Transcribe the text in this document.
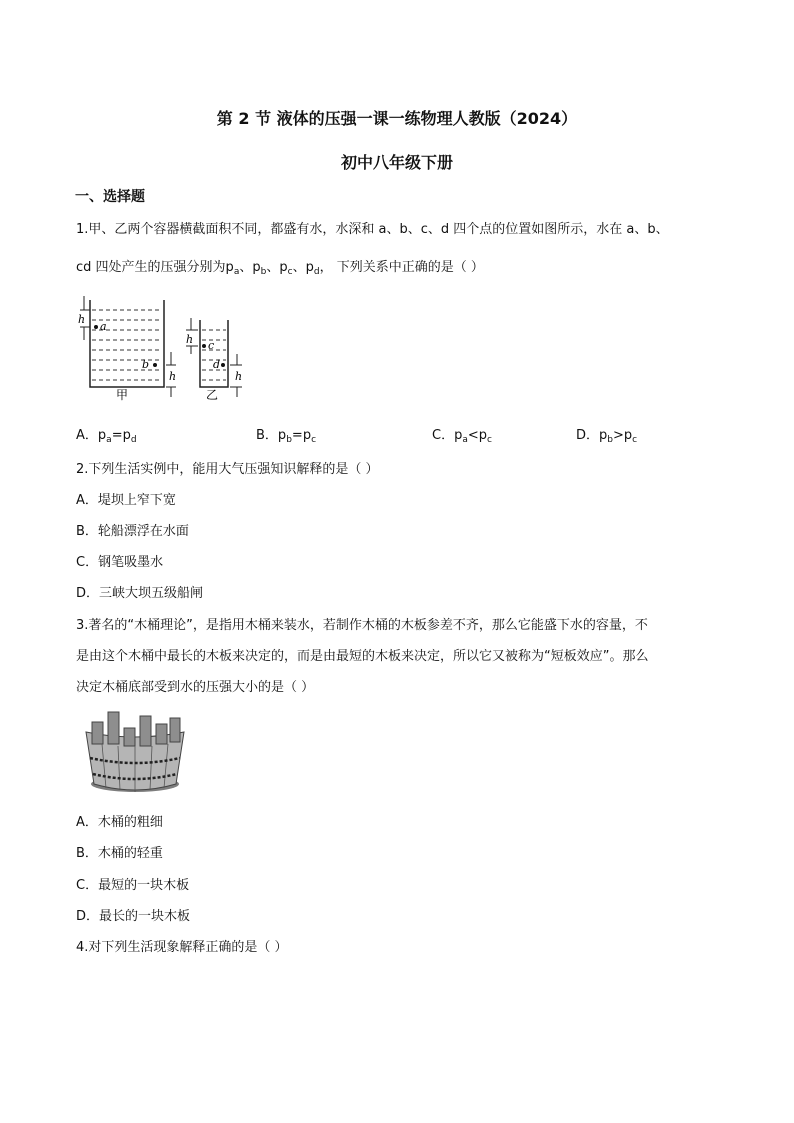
第 2 节 液体的压强一课一练物理人教版（2024）
初中八年级下册
一、选择题
1.甲、乙两个容器横截面积不同，都盛有水，水深和 a、b、c、d 四个点的位置如图所示，水在 a、b、
cd 四处产生的压强分别为$p_a$、$p_b$、$p_c$、$p_d$， 下列关系中正确的是（ ）
h
a
b
h
甲
h c
d
h
乙
A．$p_a=p_d$	B．$p_b=p_c$	C．$p_a<p_c$	D．$p_b>p_c$
2.下列生活实例中，能用大气压强知识解释的是（ ）
A．堤坝上窄下宽
B．轮船漂浮在水面
C．钢笔吸墨水
D．三峡大坝五级船闸
3.著名的“木桶理论”，是指用木桶来装水，若制作木桶的木板参差不齐，那么它能盛下水的容量，不
是由这个木桶中最长的木板来决定的，而是由最短的木板来决定，所以它又被称为“短板效应”。那么
决定木桶底部受到水的压强大小的是（ ）
A．木桶的粗细
B．木桶的轻重
C．最短的一块木板
D．最长的一块木板
4.对下列生活现象解释正确的是（ ）
